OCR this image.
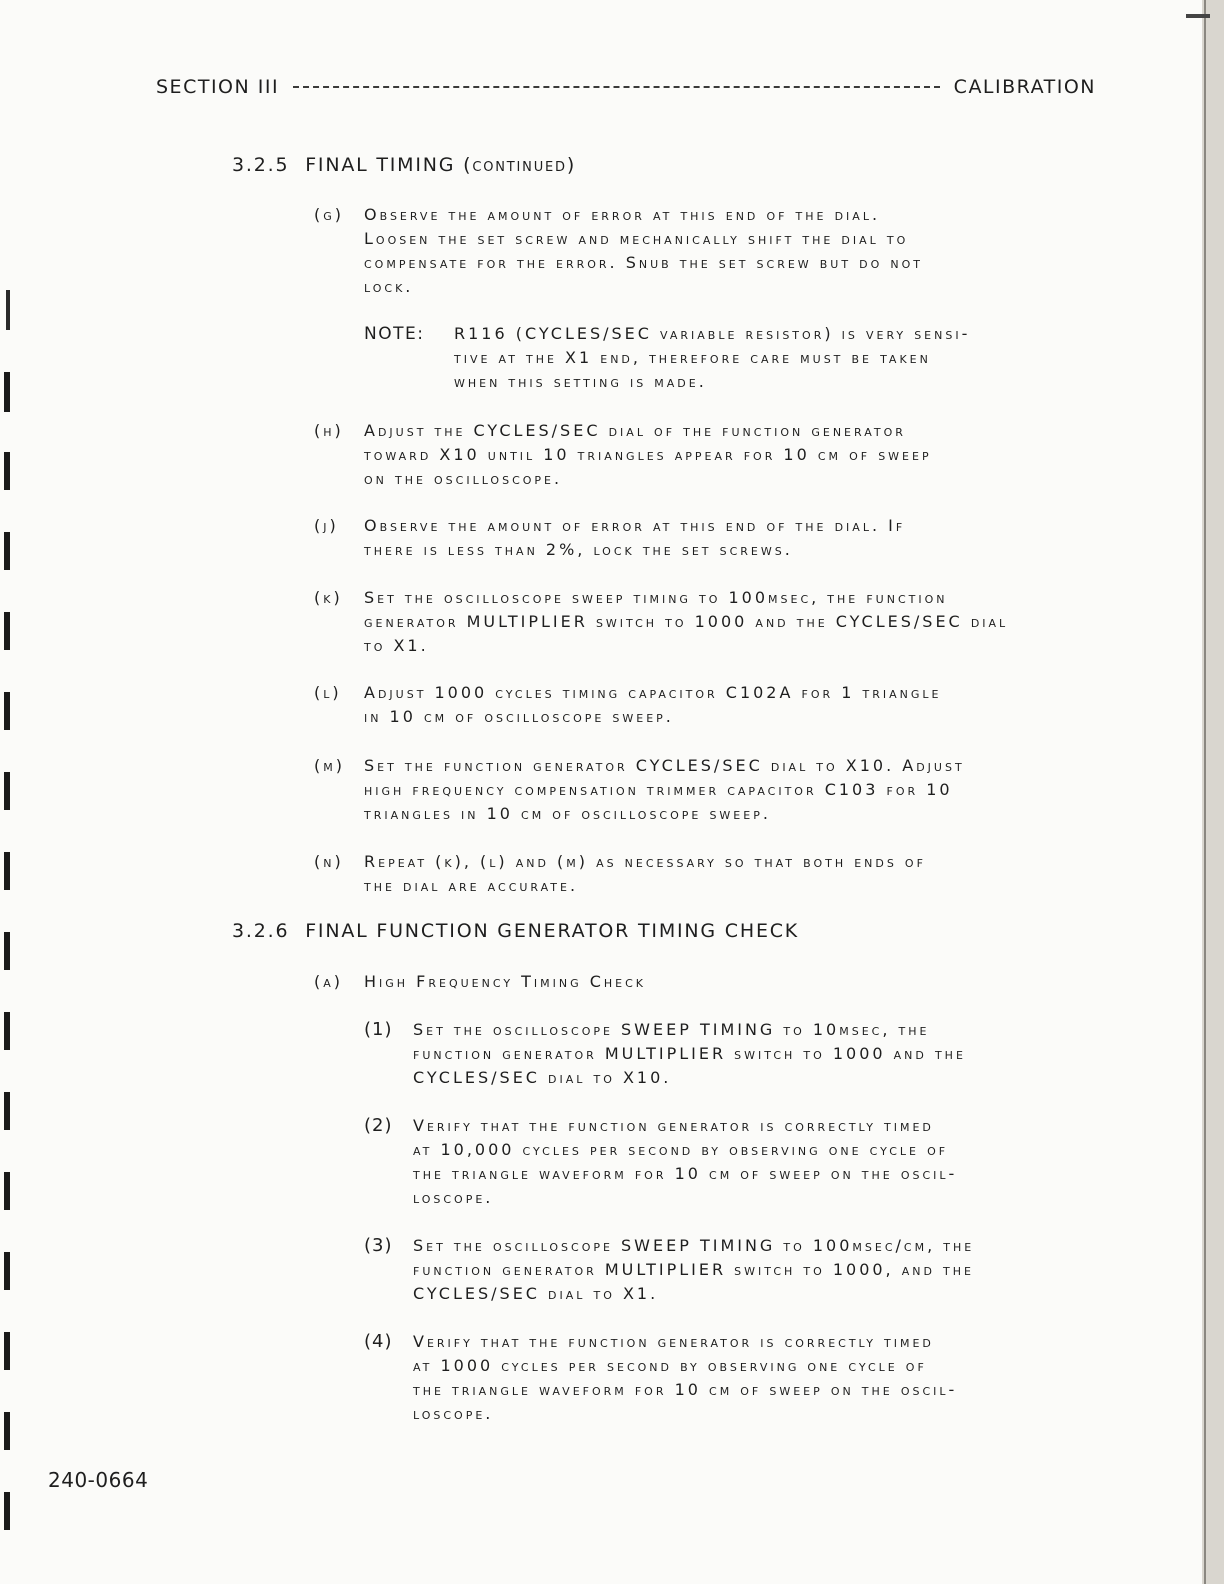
SECTION III	CALIBRATION
3.2.5 FINAL TIMING (continued)
(g) Observe the amount of error at this end of the dial.
Loosen the set screw and mechanically shift the dial to
compensate for the error. Snub the set screw but do not
lock.
NOTE: R116 (CYCLES/SEC variable resistor) is very sensi-
tive at the X1 end, therefore care must be taken
when this setting is made.
(h) Adjust the CYCLES/SEC dial of the function generator
toward X10 until 10 triangles appear for 10 cm of sweep
on the oscilloscope.
(j) Observe the amount of error at this end of the dial. If
there is less than 2%, lock the set screws.
(k) Set the oscilloscope sweep timing to 100µsec, the function
generator MULTIPLIER switch to 1000 and the CYCLES/SEC dial
to X1.
(l) Adjust 1000 cycles timing capacitor C102A for 1 triangle
in 10 cm of oscilloscope sweep.
(m) Set the function generator CYCLES/SEC dial to X10. Adjust
high frequency compensation trimmer capacitor C103 for 10
triangles in 10 cm of oscilloscope sweep.
(n) Repeat (k), (l) and (m) as necessary so that both ends of
the dial are accurate.
3.2.6 FINAL FUNCTION GENERATOR TIMING CHECK
(a) High Frequency Timing Check
(1) Set the oscilloscope SWEEP TIMING to 10µsec, the
function generator MULTIPLIER switch to 1000 and the
CYCLES/SEC dial to X10.
(2) Verify that the function generator is correctly timed
at 10,000 cycles per second by observing one cycle of
the triangle waveform for 10 cm of sweep on the oscil-
loscope.
(3) Set the oscilloscope SWEEP TIMING to 100µsec/cm, the
function generator MULTIPLIER switch to 1000, and the
CYCLES/SEC dial to X1.
(4) Verify that the function generator is correctly timed
at 1000 cycles per second by observing one cycle of
the triangle waveform for 10 cm of sweep on the oscil-
loscope.
240-0664
